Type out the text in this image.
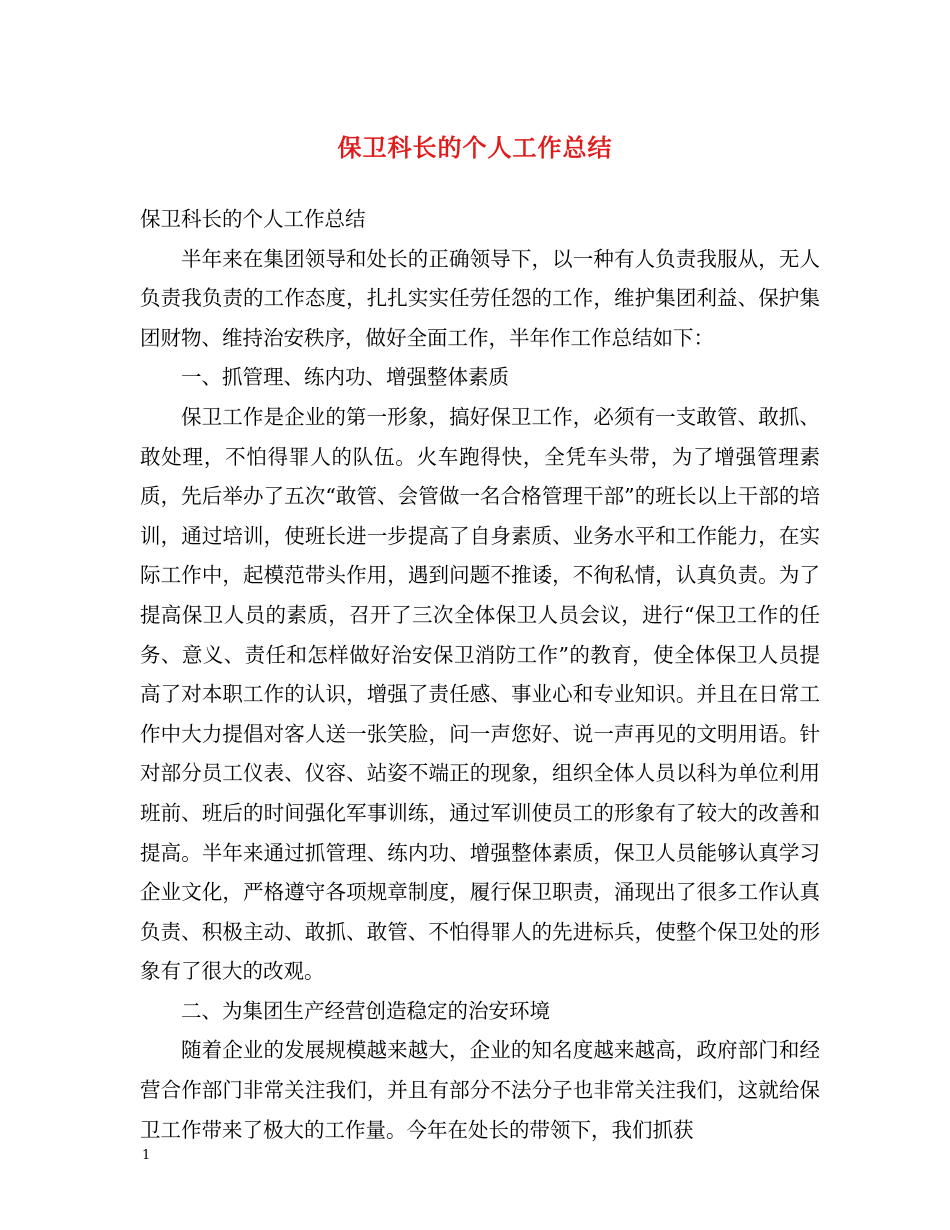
保卫科长的个人工作总结

保卫科长的个人工作总结

半年来在集团领导和处长的正确领导下，以一种有人负责我服从，无人负责我负责的工作态度，扎扎实实任劳任怨的工作，维护集团利益、保护集团财物、维持治安秩序，做好全面工作，半年作工作总结如下：

一、抓管理、练内功、增强整体素质

保卫工作是企业的第一形象，搞好保卫工作，必须有一支敢管、敢抓、敢处理，不怕得罪人的队伍。火车跑得快，全凭车头带，为了增强管理素质，先后举办了五次“敢管、会管做一名合格管理干部”的班长以上干部的培训，通过培训，使班长进一步提高了自身素质、业务水平和工作能力，在实际工作中，起模范带头作用，遇到问题不推诿，不徇私情，认真负责。为了提高保卫人员的素质，召开了三次全体保卫人员会议，进行“保卫工作的任务、意义、责任和怎样做好治安保卫消防工作”的教育，使全体保卫人员提高了对本职工作的认识，增强了责任感、事业心和专业知识。并且在日常工作中大力提倡对客人送一张笑脸，问一声您好、说一声再见的文明用语。针对部分员工仪表、仪容、站姿不端正的现象，组织全体人员以科为单位利用班前、班后的时间强化军事训练，通过军训使员工的形象有了较大的改善和提高。半年来通过抓管理、练内功、增强整体素质，保卫人员能够认真学习企业文化，严格遵守各项规章制度，履行保卫职责，涌现出了很多工作认真负责、积极主动、敢抓、敢管、不怕得罪人的先进标兵，使整个保卫处的形象有了很大的改观。

二、为集团生产经营创造稳定的治安环境

随着企业的发展规模越来越大，企业的知名度越来越高，政府部门和经营合作部门非常关注我们，并且有部分不法分子也非常关注我们，这就给保卫工作带来了极大的工作量。今年在处长的带领下，我们抓获

1
